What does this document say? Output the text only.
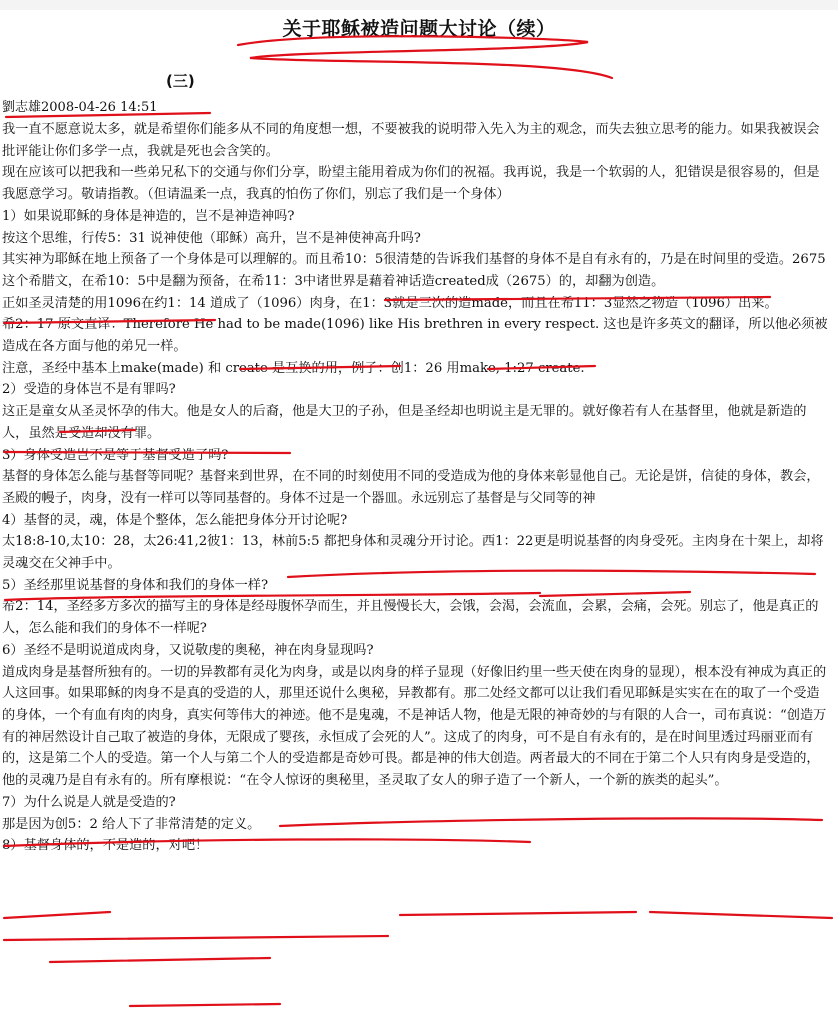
关于耶稣被造问题大讨论（续）
(三)
劉志雄2008-04-26 14:51

我一直不愿意说太多，就是希望你们能多从不同的角度想一想，不要被我的说明带入先入为主的观念，而失去独立思考的能力。如果我被误会批评能让你们多学一点，我就是死也会含笑的。

现在应该可以把我和一些弟兄私下的交通与你们分享，盼望主能用着成为你们的祝福。我再说，我是一个软弱的人，犯错误是很容易的，但是我愿意学习。敬请指教。（但请温柔一点，我真的怕伤了你们，别忘了我们是一个身体）

1）如果说耶稣的身体是神造的，岂不是神造神吗?

按这个思维，行传5：31 说神使他（耶稣）高升，岂不是神使神高升吗?

其实神为耶稣在地上预备了一个身体是可以理解的。而且希10：5很清楚的告诉我们基督的身体不是自有永有的，乃是在时间里的受造。2675 这个希腊文，在希10：5中是翻为预备，在希11：3中诸世界是藉着神话造created成（2675）的，却翻为创造。

正如圣灵清楚的用1096在约1：14 道成了（1096）肉身，在1：3就是三次的造made，而且在希11：3显然之物造（1096）出来。

希2：17 原文直译：Therefore He had to be made(1096) like His brethren in every respect. 这也是许多英文的翻译，所以他必须被造成在各方面与他的弟兄一样。

注意，圣经中基本上make(made) 和 create 是互换的用，例子：创1：26 用make, 1:27 create.

2）受造的身体岂不是有罪吗?

这正是童女从圣灵怀孕的伟大。他是女人的后裔，他是大卫的子孙，但是圣经却也明说主是无罪的。就好像若有人在基督里，他就是新造的人，虽然是受造却没有罪。

3）身体受造岂不是等于基督受造了吗?

基督的身体怎么能与基督等同呢？基督来到世界，在不同的时刻使用不同的受造成为他的身体来彰显他自己。无论是饼，信徒的身体，教会，圣殿的幔子，肉身，没有一样可以等同基督的。身体不过是一个器皿。永远别忘了基督是与父同等的神

4）基督的灵，魂，体是个整体，怎么能把身体分开讨论呢?

太18:8-10,太10：28，太26:41,2彼1：13，林前5:5 都把身体和灵魂分开讨论。西1：22更是明说基督的肉身受死。主肉身在十架上，却将灵魂交在父神手中。

5）圣经那里说基督的身体和我们的身体一样?

希2：14，圣经多方多次的描写主的身体是经母腹怀孕而生，并且慢慢长大，会饿，会渴，会流血，会累，会痛，会死。别忘了，他是真正的人，怎么能和我们的身体不一样呢?

6）圣经不是明说道成肉身，又说敬虔的奥秘，神在肉身显现吗?

道成肉身是基督所独有的。一切的异教都有灵化为肉身，或是以肉身的样子显现（好像旧约里一些天使在肉身的显现），根本没有神成为真正的人这回事。如果耶稣的肉身不是真的受造的人，那里还说什么奥秘，异教都有。那二处经文都可以让我们看见耶稣是实实在在的取了一个受造的身体，一个有血有肉的肉身，真实何等伟大的神迹。他不是鬼魂，不是神话人物，他是无限的神奇妙的与有限的人合一，司布真说：“创造万有的神居然设计自己取了被造的身体，无限成了婴孩，永恒成了会死的人”。这成了的肉身，可不是自有永有的，是在时间里透过玛丽亚而有的，这是第二个人的受造。第一个人与第二个人的受造都是奇妙可畏。都是神的伟大创造。两者最大的不同在于第二个人只有肉身是受造的，他的灵魂乃是自有永有的。所有摩根说：“在令人惊讶的奥秘里，圣灵取了女人的卵子造了一个新人，一个新的族类的起头”。

7）为什么说是人就是受造的?

那是因为创5：2 给人下了非常清楚的定义。

8）基督身体的，不是造的，对吧！
